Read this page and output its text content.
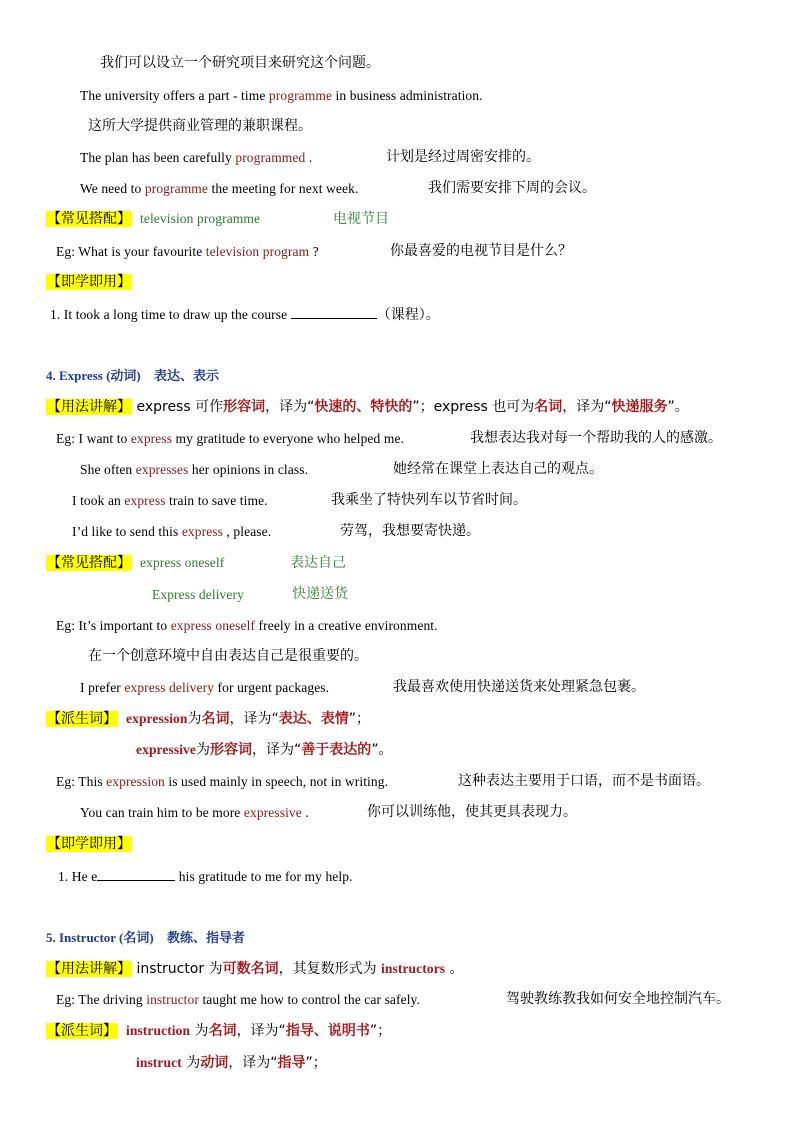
我们可以设立一个研究项目来研究这个问题。
The university offers a part - time programme in business administration.
这所大学提供商业管理的兼职课程。
The plan has been carefully programmed .	计划是经过周密安排的。
We need to programme the meeting for next week.	我们需要安排下周的会议。
【常见搭配】 television programme	电视节目
Eg: What is your favourite television program ?	你最喜爱的电视节目是什么？
【即学即用】
1. It took a long time to draw up the course	（课程）。
4. Express (动词) 表达、表示
【用法讲解】 express 可作形容词，译为“快速的、特快的”；express 也可为名词，译为“快递服务”。
Eg: I want to express my gratitude to everyone who helped me.	我想表达我对每一个帮助我的人的感激。
She often expresses her opinions in class.	她经常在课堂上表达自己的观点。
I took an express train to save time.	我乘坐了特快列车以节省时间。
I’d like to send this express , please.	劳驾，我想要寄快递。
【常见搭配】 express oneself	表达自己
Express delivery	快递送货
Eg: It’s important to express oneself freely in a creative environment.
在一个创意环境中自由表达自己是很重要的。
I prefer express delivery for urgent packages.	我最喜欢使用快递送货来处理紧急包裹。
【派生词】 expression为名词，译为“表达、表情”；
expressive为形容词，译为“善于表达的”。
Eg: This expression is used mainly in speech, not in writing.	这种表达主要用于口语，而不是书面语。
You can train him to be more expressive .	你可以训练他，使其更具表现力。
【即学即用】
1. He e	his gratitude to me for my help.
5. Instructor (名词) 教练、指导者
【用法讲解】 instructor 为可数名词，其复数形式为 instructors 。
Eg: The driving instructor taught me how to control the car safely.	驾驶教练教我如何安全地控制汽车。
【派生词】 instruction 为名词，译为“指导、说明书”；
instruct 为动词，译为“指导”；
